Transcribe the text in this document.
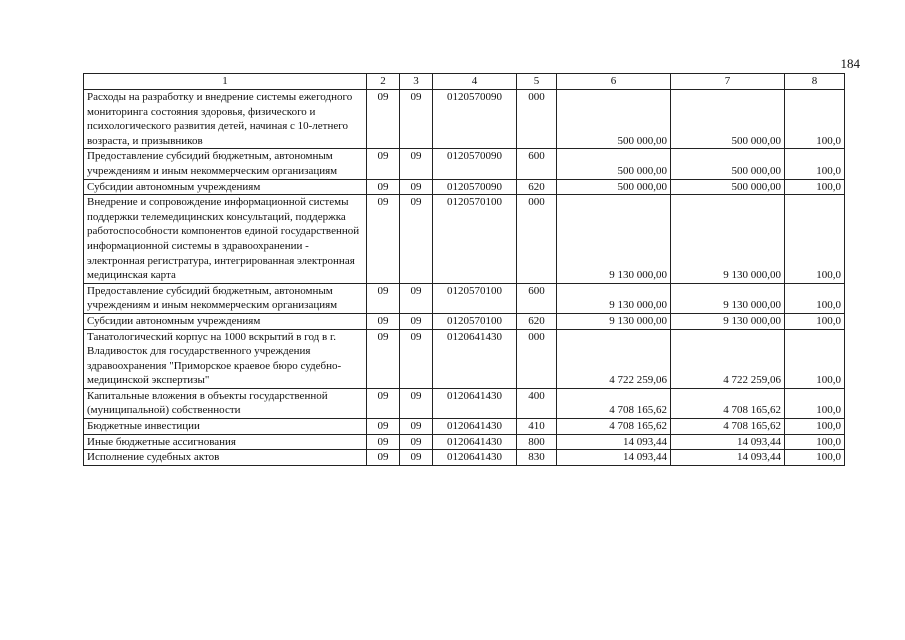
184
1	2	3	4	5	6	7	8
Расходы на разработку и внедрение системы ежегодного мониторинга состояния здоровья, физического и психологического развития детей, начиная с 10-летнего возраста, и призывников	09	09	0120570090	000	500 000,00	500 000,00	100,0
Предоставление субсидий бюджетным, автономным учреждениям и иным некоммерческим организациям	09	09	0120570090	600	500 000,00	500 000,00	100,0
Субсидии автономным учреждениям	09	09	0120570090	620	500 000,00	500 000,00	100,0
Внедрение и сопровождение информационной системы поддержки телемедицинских консультаций, поддержка работоспособности компонентов единой государственной информационной системы в здравоохранении - электронная регистратура, интегрированная электронная медицинская карта	09	09	0120570100	000	9 130 000,00	9 130 000,00	100,0
Предоставление субсидий бюджетным, автономным учреждениям и иным некоммерческим организациям	09	09	0120570100	600	9 130 000,00	9 130 000,00	100,0
Субсидии автономным учреждениям	09	09	0120570100	620	9 130 000,00	9 130 000,00	100,0
Танатологический корпус на 1000 вскрытий в год в г. Владивосток для государственного учреждения здравоохранения "Приморское краевое бюро судебно-медицинской экспертизы"	09	09	0120641430	000	4 722 259,06	4 722 259,06	100,0
Капитальные вложения в объекты государственной (муниципальной) собственности	09	09	0120641430	400	4 708 165,62	4 708 165,62	100,0
Бюджетные инвестиции	09	09	0120641430	410	4 708 165,62	4 708 165,62	100,0
Иные бюджетные ассигнования	09	09	0120641430	800	14 093,44	14 093,44	100,0
Исполнение судебных актов	09	09	0120641430	830	14 093,44	14 093,44	100,0
